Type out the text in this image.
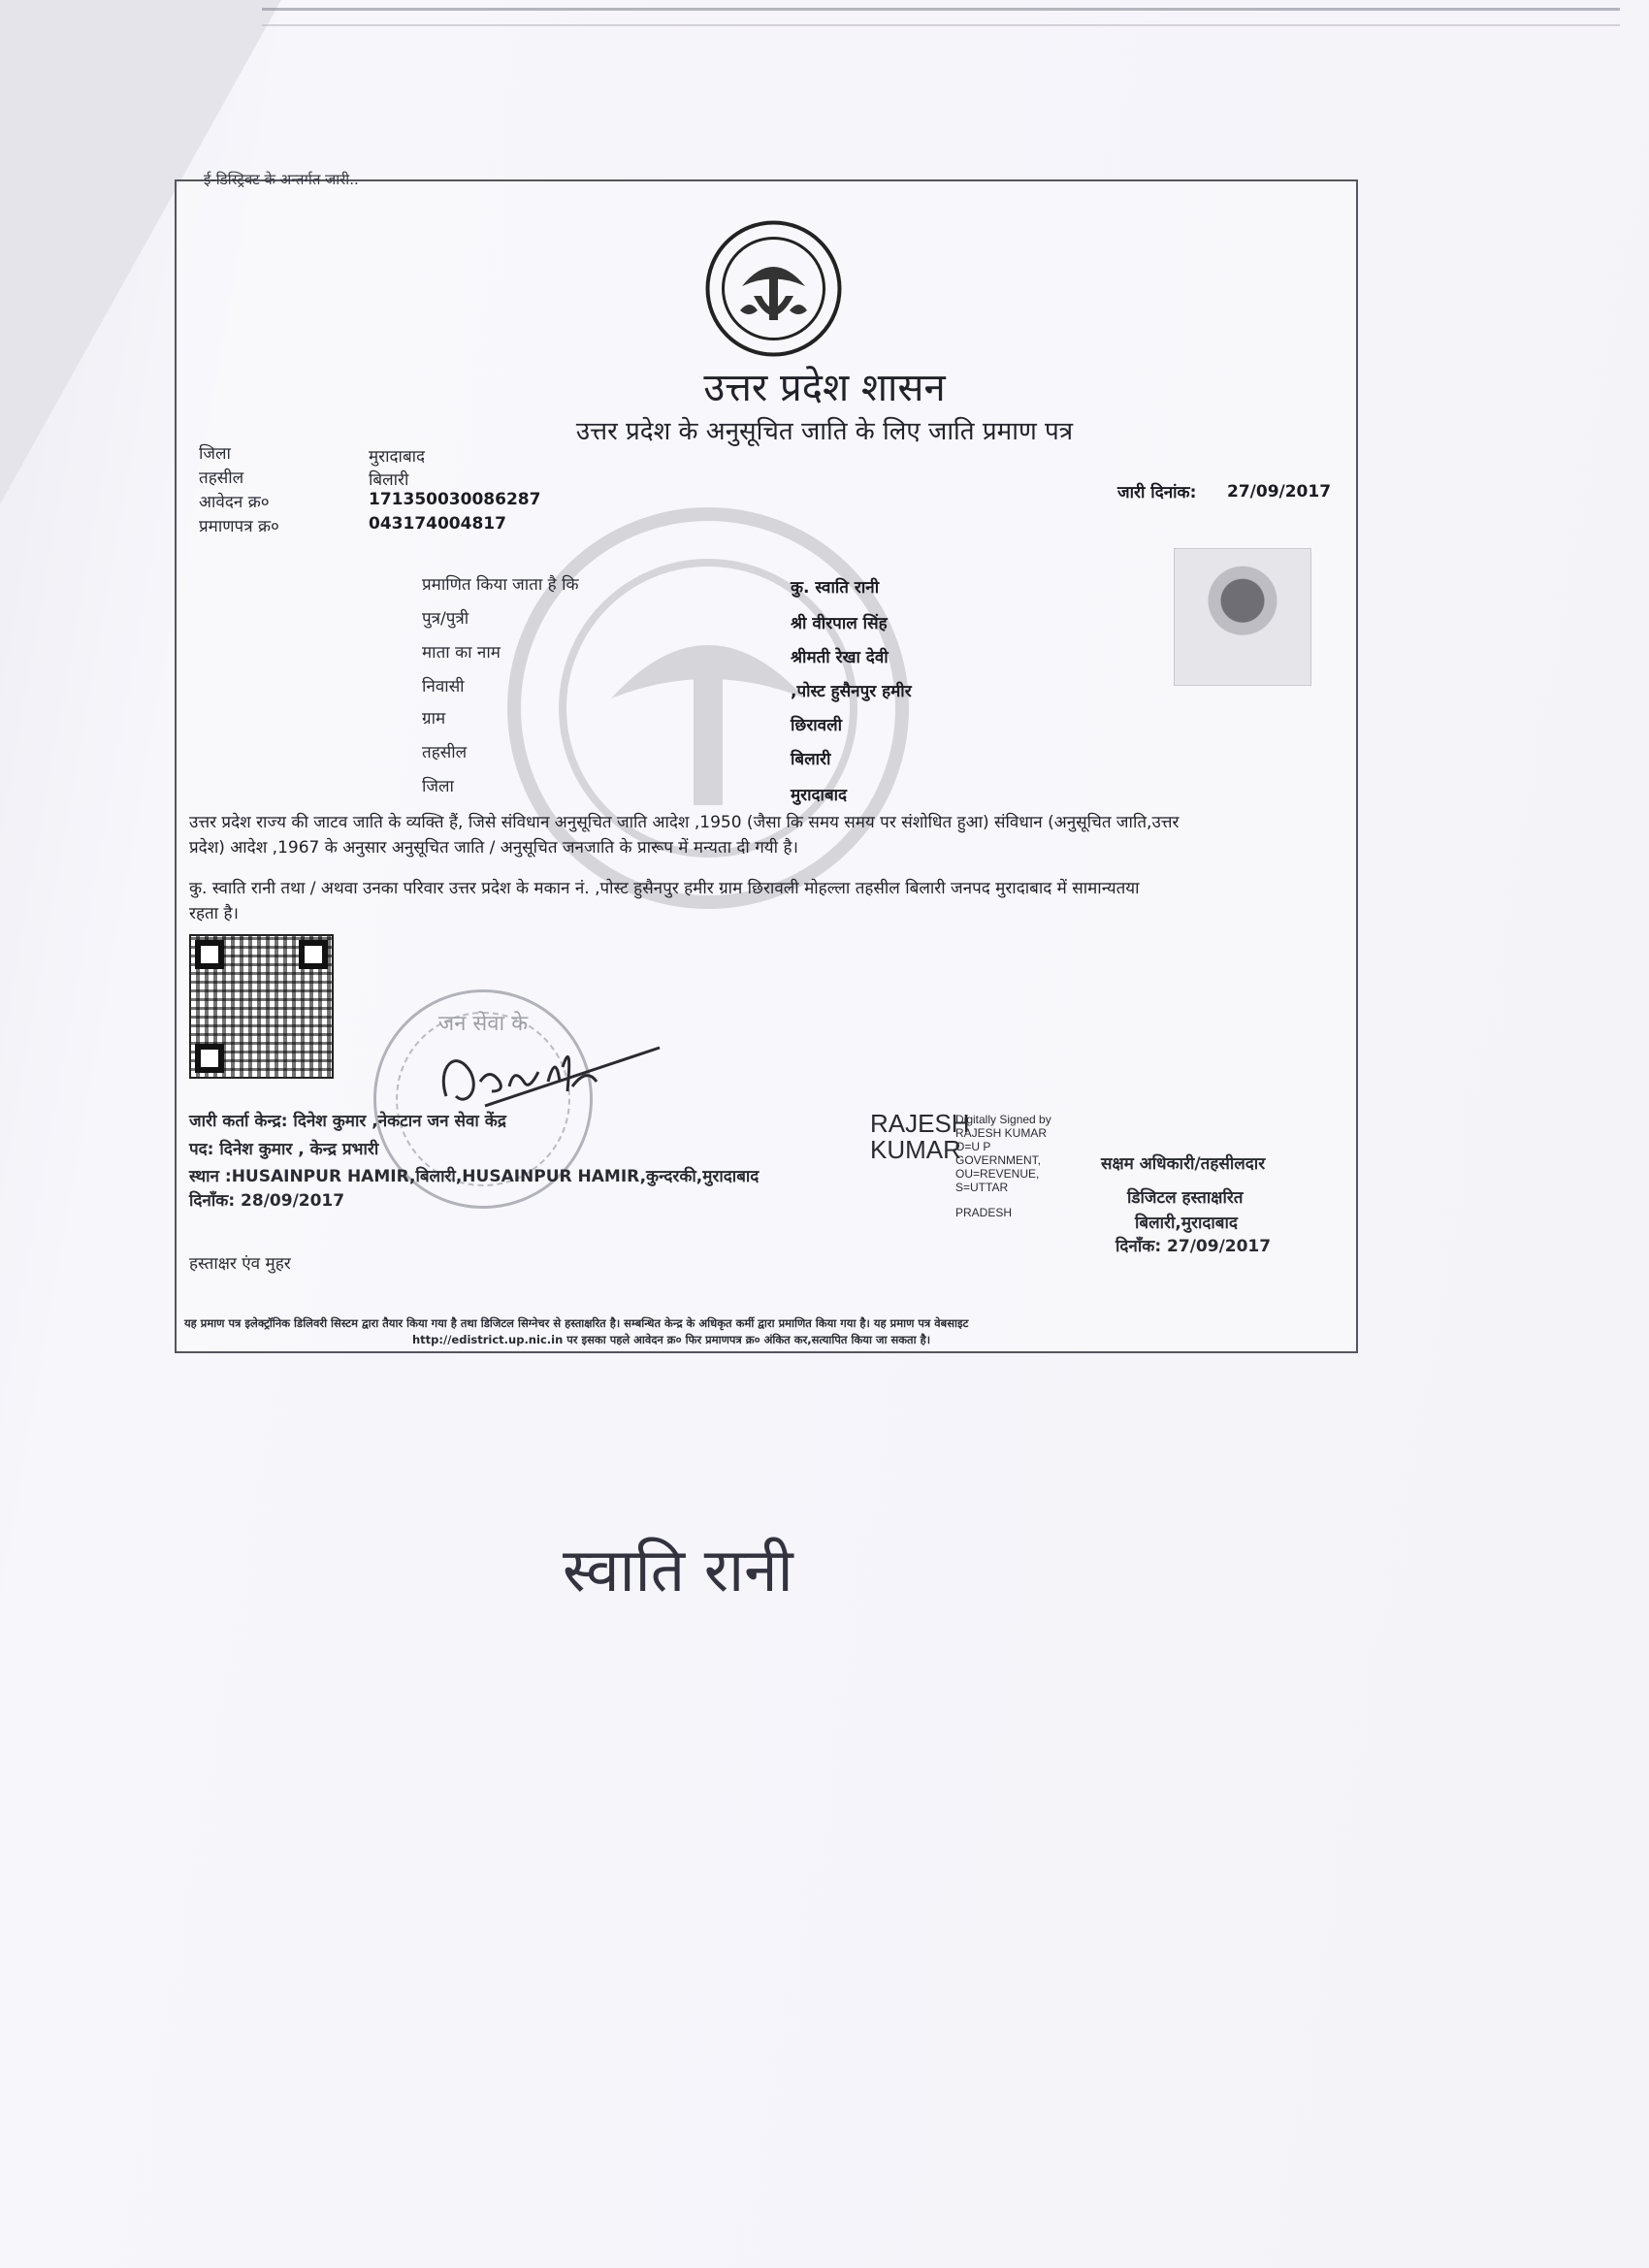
ई-डिस्ट्रिक्ट के अन्तर्गत जारी..
उत्तर प्रदेश शासन
उत्तर प्रदेश के अनुसूचित जाति के लिए जाति प्रमाण पत्र
जिला	मुरादाबाद
तहसील	बिलारी
आवेदन क्र०	171350030086287
प्रमाणपत्र क्र०	043174004817
जारी दिनांक: 27/09/2017
प्रमाणित किया जाता है कि	कु. स्वाति रानी
पुत्र/पुत्री	श्री वीरपाल सिंह
माता का नाम	श्रीमती रेखा देवी
निवासी	,पोस्ट हुसैनपुर हमीर
ग्राम	छिरावली
तहसील	बिलारी
जिला	मुरादाबाद
उत्तर प्रदेश राज्य की जाटव जाति के व्यक्ति हैं, जिसे संविधान अनुसूचित जाति आदेश ,1950 (जैसा कि समय समय पर संशोधित हुआ) संविधान (अनुसूचित जाति,उत्तर
प्रदेश) आदेश ,1967 के अनुसार अनुसूचित जाति / अनुसूचित जनजाति के प्रारूप में मन्यता दी गयी है।
कु. स्वाति रानी तथा / अथवा उनका परिवार उत्तर प्रदेश के मकान नं. ,पोस्ट हुसैनपुर हमीर ग्राम छिरावली मोहल्ला तहसील बिलारी जनपद मुरादाबाद में सामान्यतया
रहता है।
जन सेवा के
जारी कर्ता केन्द्र: दिनेश कुमार ,नेकटान जन सेवा केंद्र
पद: दिनेश कुमार , केन्द्र प्रभारी
स्थान :HUSAINPUR HAMIR,बिलारी,HUSAINPUR HAMIR,कुन्दरकी,मुरादाबाद
दिनाँक: 28/09/2017
हस्ताक्षर एंव मुहर
RAJESH
KUMAR
Digitally Signed by
RAJESH KUMAR
O=U P
GOVERNMENT,
OU=REVENUE,
S=UTTAR
PRADESH
सक्षम अधिकारी/तहसीलदार
डिजिटल हस्ताक्षरित
बिलारी,मुरादाबाद
दिनाँक: 27/09/2017
यह प्रमाण पत्र इलेक्ट्रॉनिक डिलिवरी सिस्टम द्वारा तैयार किया गया है तथा डिजिटल सिग्नेचर से हस्ताक्षरित है। सम्बन्धित केन्द्र के अधिकृत कर्मी द्वारा प्रमाणित किया गया है। यह प्रमाण पत्र वेबसाइट
http://edistrict.up.nic.in पर इसका पहले आवेदन क्र० फिर प्रमाणपत्र क्र० अंकित कर,सत्यापित किया जा सकता है।
स्वाति रानी
